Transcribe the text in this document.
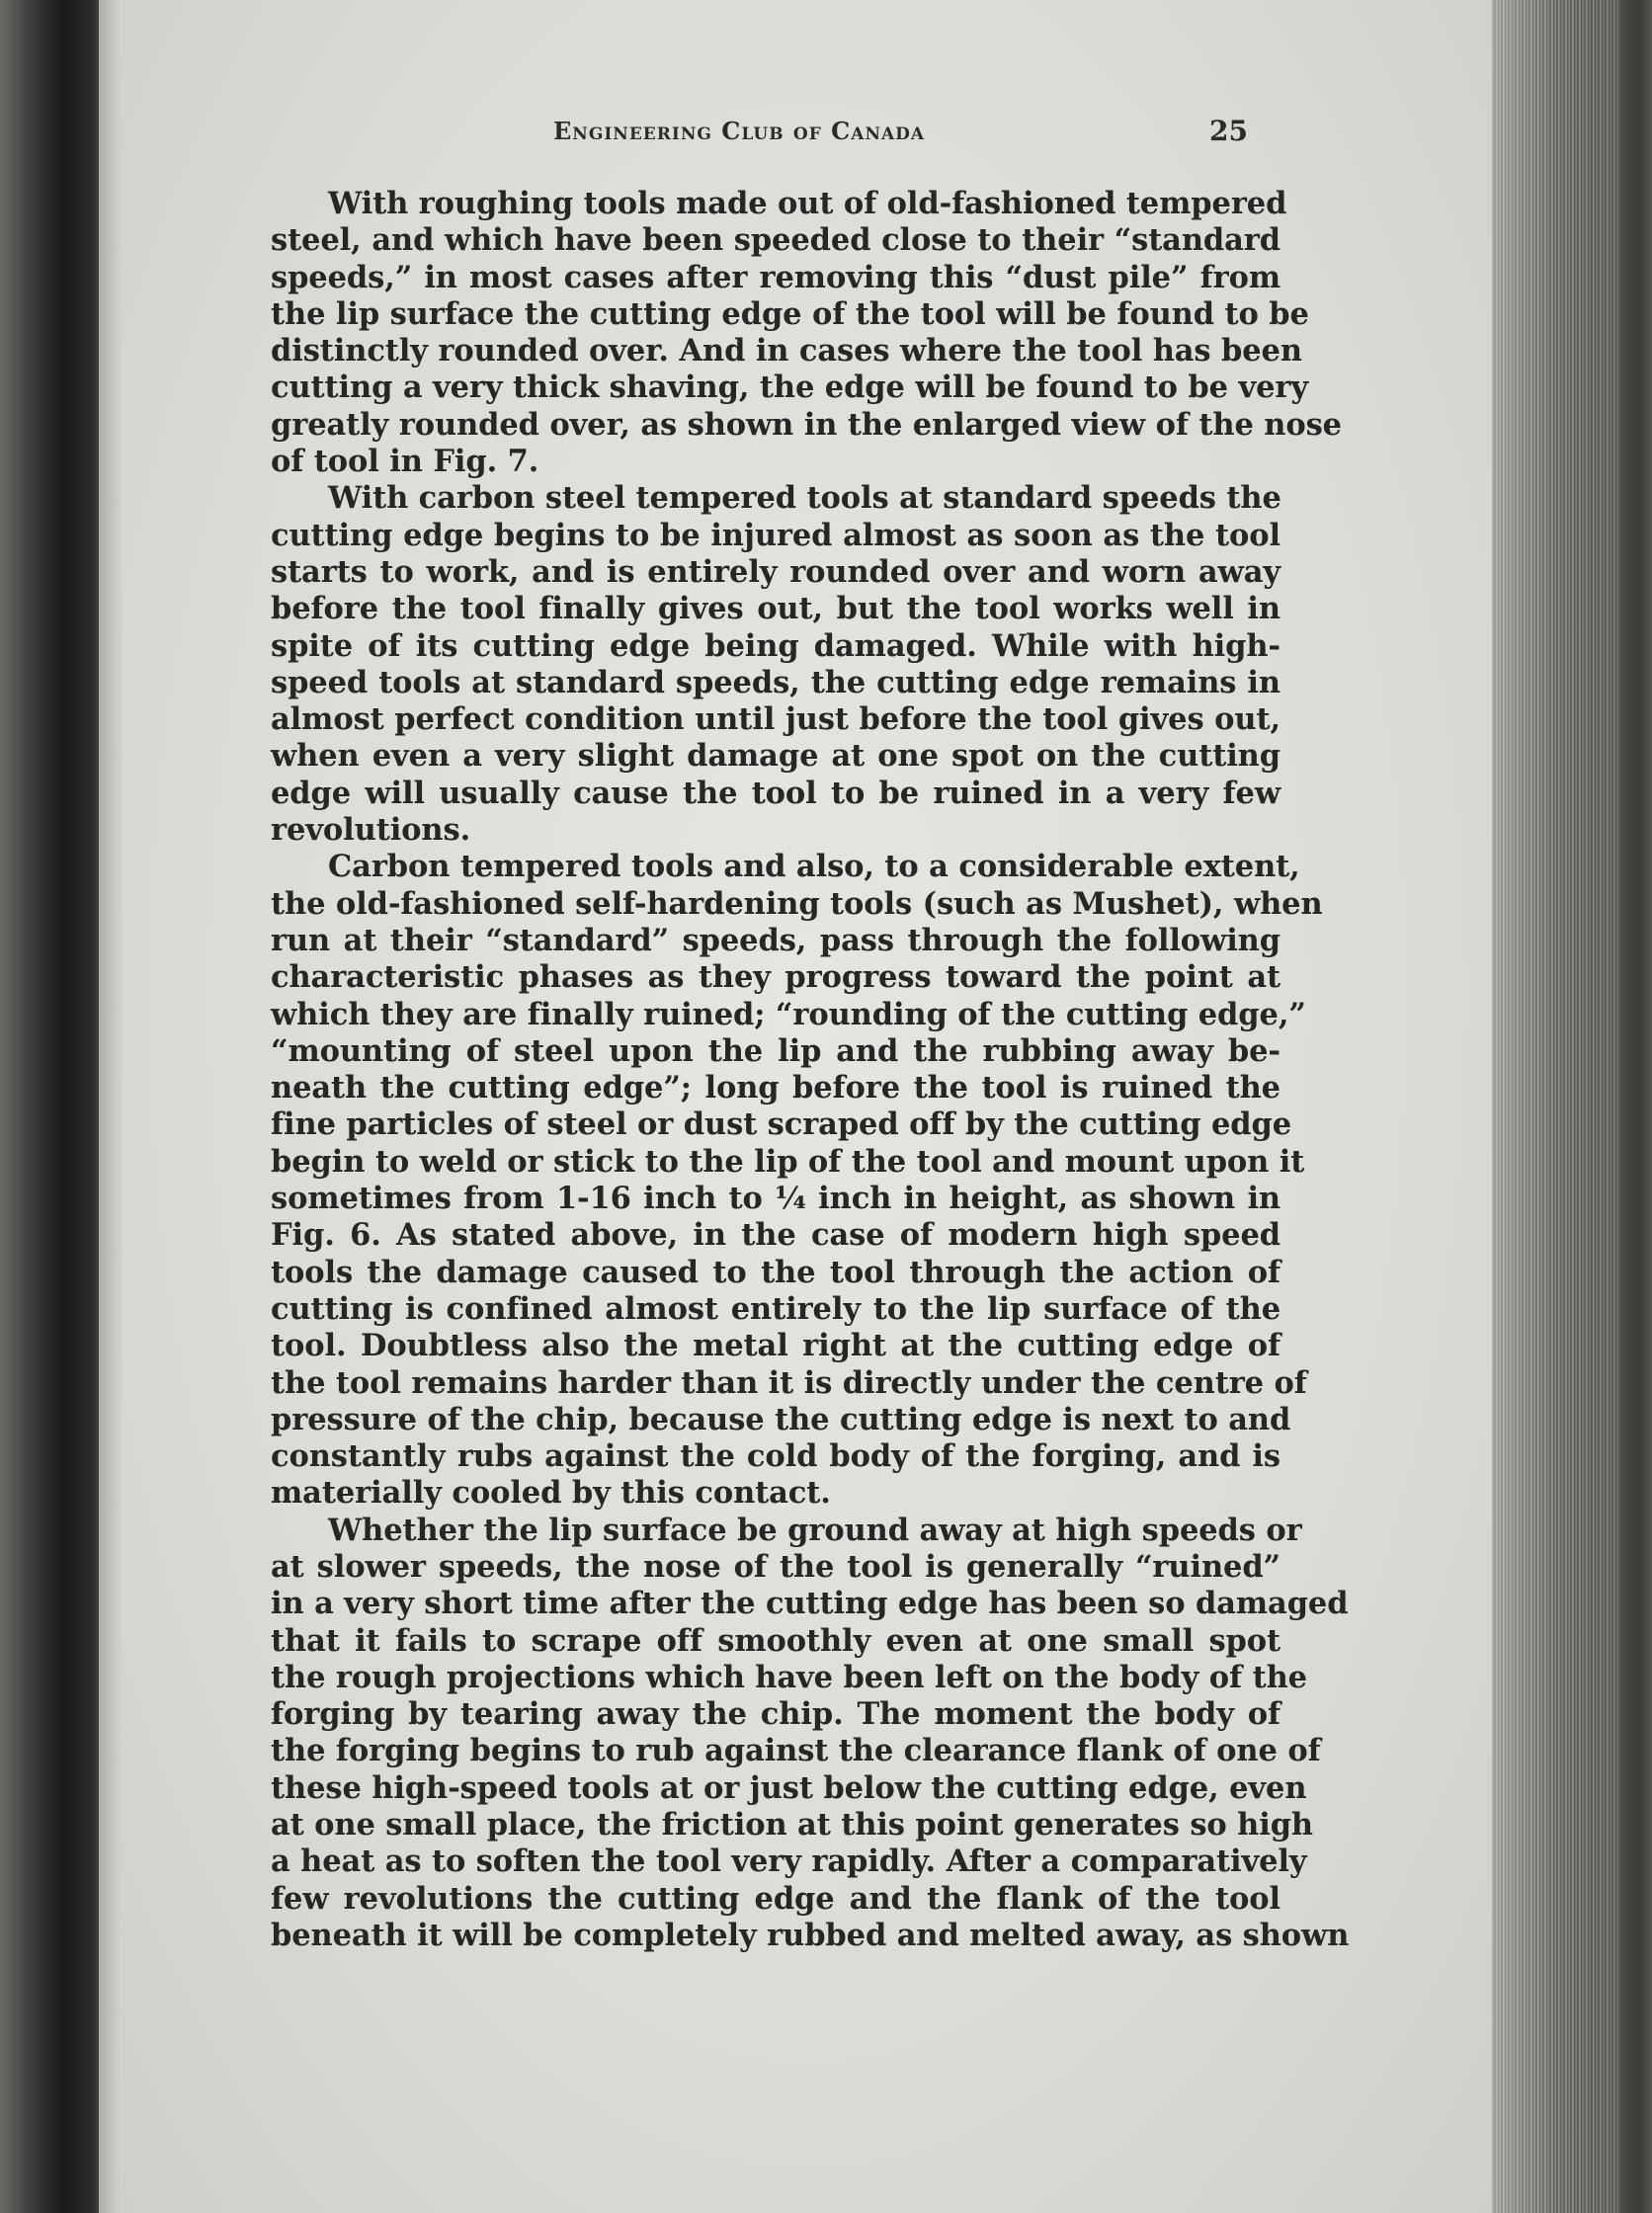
Engineering Club of Canada	25

With roughing tools made out of old-fashioned tempered
steel, and which have been speeded close to their “standard
speeds,” in most cases after removing this “dust pile” from
the lip surface the cutting edge of the tool will be found to be
distinctly rounded over. And in cases where the tool has been
cutting a very thick shaving, the edge will be found to be very
greatly rounded over, as shown in the enlarged view of the nose
of tool in Fig. 7.

With carbon steel tempered tools at standard speeds the
cutting edge begins to be injured almost as soon as the tool
starts to work, and is entirely rounded over and worn away
before the tool finally gives out, but the tool works well in
spite of its cutting edge being damaged. While with high-
speed tools at standard speeds, the cutting edge remains in
almost perfect condition until just before the tool gives out,
when even a very slight damage at one spot on the cutting
edge will usually cause the tool to be ruined in a very few
revolutions.

Carbon tempered tools and also, to a considerable extent,
the old-fashioned self-hardening tools (such as Mushet), when
run at their “standard” speeds, pass through the following
characteristic phases as they progress toward the point at
which they are finally ruined; “rounding of the cutting edge,”
“mounting of steel upon the lip and the rubbing away be-
neath the cutting edge”; long before the tool is ruined the
fine particles of steel or dust scraped off by the cutting edge
begin to weld or stick to the lip of the tool and mount upon it
sometimes from 1-16 inch to ¼ inch in height, as shown in
Fig. 6. As stated above, in the case of modern high speed
tools the damage caused to the tool through the action of
cutting is confined almost entirely to the lip surface of the
tool. Doubtless also the metal right at the cutting edge of
the tool remains harder than it is directly under the centre of
pressure of the chip, because the cutting edge is next to and
constantly rubs against the cold body of the forging, and is
materially cooled by this contact.

Whether the lip surface be ground away at high speeds or
at slower speeds, the nose of the tool is generally “ruined”
in a very short time after the cutting edge has been so damaged
that it fails to scrape off smoothly even at one small spot
the rough projections which have been left on the body of the
forging by tearing away the chip. The moment the body of
the forging begins to rub against the clearance flank of one of
these high-speed tools at or just below the cutting edge, even
at one small place, the friction at this point generates so high
a heat as to soften the tool very rapidly. After a comparatively
few revolutions the cutting edge and the flank of the tool
beneath it will be completely rubbed and melted away, as shown
